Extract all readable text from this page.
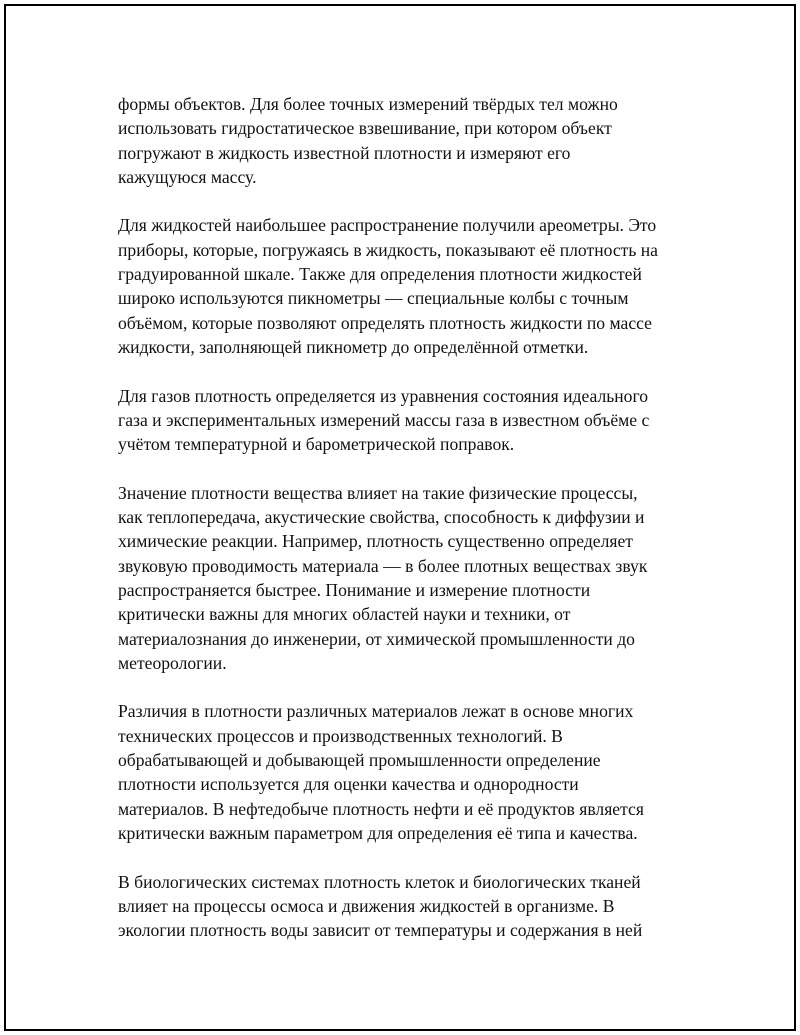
формы объектов. Для более точных измерений твёрдых тел можно
использовать гидростатическое взвешивание, при котором объект
погружают в жидкость известной плотности и измеряют его
кажущуюся массу.

Для жидкостей наибольшее распространение получили ареометры. Это
приборы, которые, погружаясь в жидкость, показывают её плотность на
градуированной шкале. Также для определения плотности жидкостей
широко используются пикнометры — специальные колбы с точным
объёмом, которые позволяют определять плотность жидкости по массе
жидкости, заполняющей пикнометр до определённой отметки.

Для газов плотность определяется из уравнения состояния идеального
газа и экспериментальных измерений массы газа в известном объёме с
учётом температурной и барометрической поправок.

Значение плотности вещества влияет на такие физические процессы,
как теплопередача, акустические свойства, способность к диффузии и
химические реакции. Например, плотность существенно определяет
звуковую проводимость материала — в более плотных веществах звук
распространяется быстрее. Понимание и измерение плотности
критически важны для многих областей науки и техники, от
материалознания до инженерии, от химической промышленности до
метеорологии.

Различия в плотности различных материалов лежат в основе многих
технических процессов и производственных технологий. В
обрабатывающей и добывающей промышленности определение
плотности используется для оценки качества и однородности
материалов. В нефтедобыче плотность нефти и её продуктов является
критически важным параметром для определения её типа и качества.

В биологических системах плотность клеток и биологических тканей
влияет на процессы осмоса и движения жидкостей в организме. В
экологии плотность воды зависит от температуры и содержания в ней
